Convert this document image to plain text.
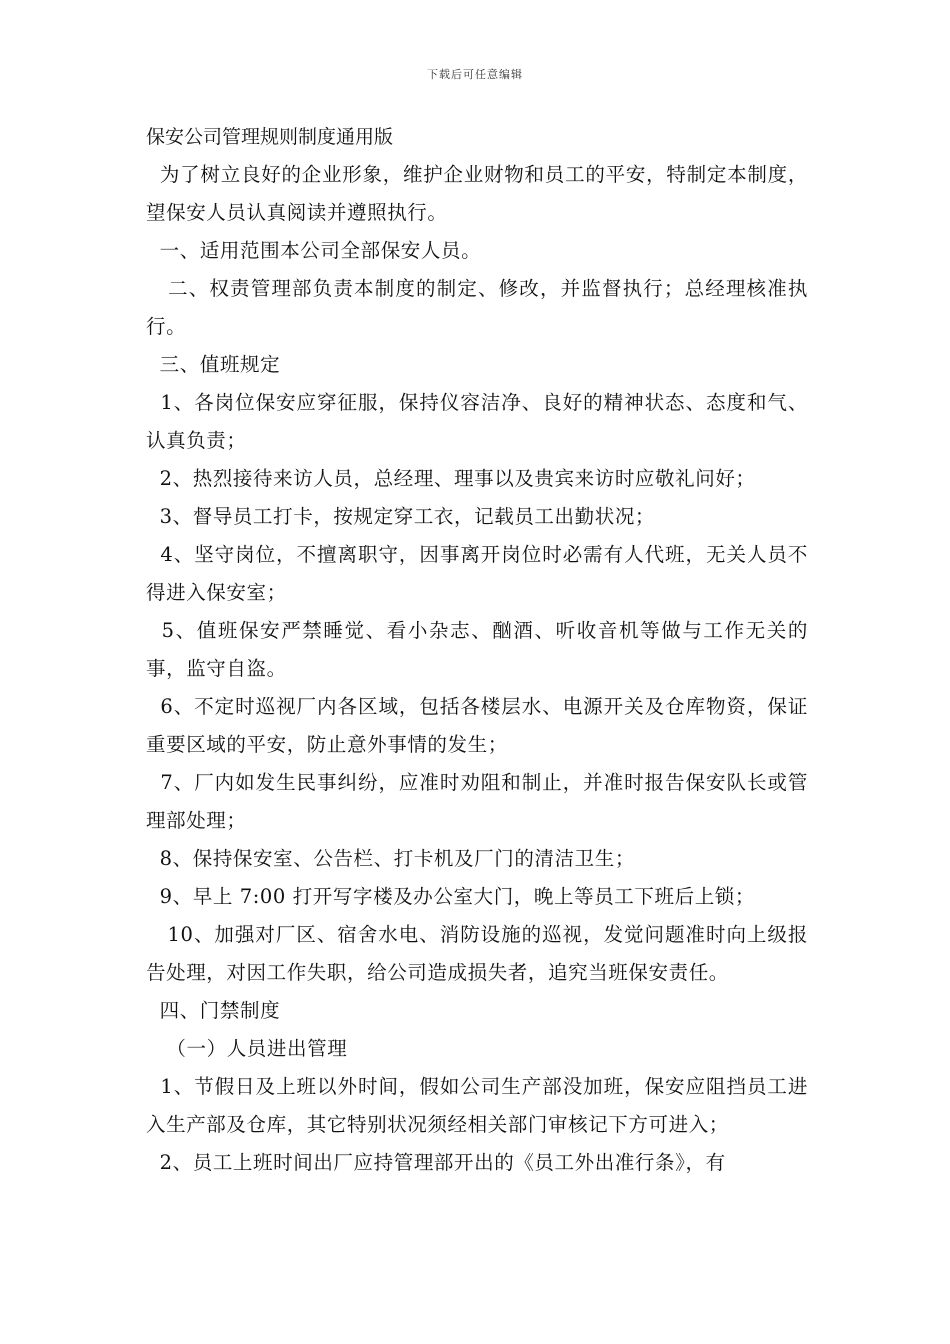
下载后可任意编辑

保安公司管理规则制度通用版

为了树立良好的企业形象，维护企业财物和员工的平安，特制定本制度，望保安人员认真阅读并遵照执行。

一、适用范围本公司全部保安人员。

二、权责管理部负责本制度的制定、修改，并监督执行；总经理核准执行。

三、值班规定

1、各岗位保安应穿征服，保持仪容洁净、良好的精神状态、态度和气、认真负责；

2、热烈接待来访人员，总经理、理事以及贵宾来访时应敬礼问好；

3、督导员工打卡，按规定穿工衣，记载员工出勤状况；

4、坚守岗位，不擅离职守，因事离开岗位时必需有人代班，无关人员不得进入保安室；

5、值班保安严禁睡觉、看小杂志、酗酒、听收音机等做与工作无关的事，监守自盗。

6、不定时巡视厂内各区域，包括各楼层水、电源开关及仓库物资，保证重要区域的平安，防止意外事情的发生；

7、厂内如发生民事纠纷，应准时劝阻和制止，并准时报告保安队长或管理部处理；

8、保持保安室、公告栏、打卡机及厂门的清洁卫生；

9、早上 7:00 打开写字楼及办公室大门，晚上等员工下班后上锁；

10、加强对厂区、宿舍水电、消防设施的巡视，发觉问题准时向上级报告处理，对因工作失职，给公司造成损失者，追究当班保安责任。

四、门禁制度

（一）人员进出管理

1、节假日及上班以外时间，假如公司生产部没加班，保安应阻挡员工进入生产部及仓库，其它特别状况须经相关部门审核记下方可进入；

2、员工上班时间出厂应持管理部开出的《员工外出准行条》，有
